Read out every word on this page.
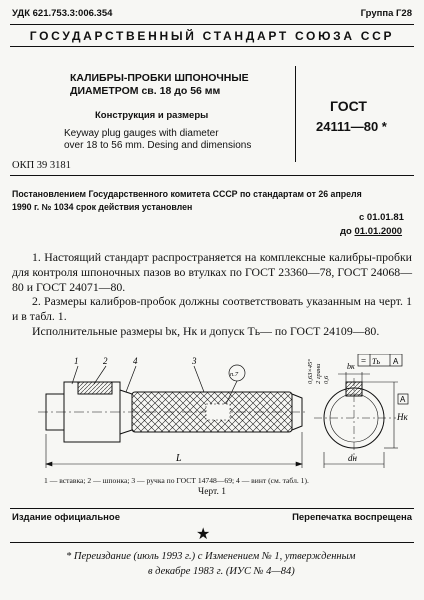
УДК 621.753.3:006.354	Группа Г28
ГОСУДАРСТВЕННЫЙ СТАНДАРТ СОЮЗА ССР
КАЛИБРЫ-ПРОБКИ ШПОНОЧНЫЕ
ДИАМЕТРОМ св. 18 до 56 мм
Конструкция и размеры
Keyway plug gauges with diameter
over 18 to 56 mm. Desing and dimensions
ГОСТ
24111—80 *
ОКП 39 3181
Постановлением Государственного комитета СССР по стандартам от 26 апреля
1990 г. № 1034 срок действия установлен
с 01.01.81
до 01.01.2000
1. Настоящий стандарт распространяется на комплексные калибры-пробки для контроля шпоночных пазов во втулках по ГОСТ 23360—78, ГОСТ 24068—80 и ГОСТ 24071—80.
2. Размеры калибров-пробок должны соответствовать указанным на черт. 1 и в табл. 1.
Исполнительные размеры bк, Hк и допуск Tь— по ГОСТ 24109—80.
1	2	3
4
п.7
L	dн
Hк
bк
= Tь A
A
0,63×45° 2 грани 0,6
1 — вставка; 2 — шпонка; 3 — ручка по ГОСТ 14748—69; 4 — винт (см. табл. 1).
Черт. 1
Издание официальное	Перепечатка воспрещена
★
* Переиздание (июль 1993 г.) с Изменением № 1, утвержденным
в декабре 1983 г. (ИУС № 4—84)
